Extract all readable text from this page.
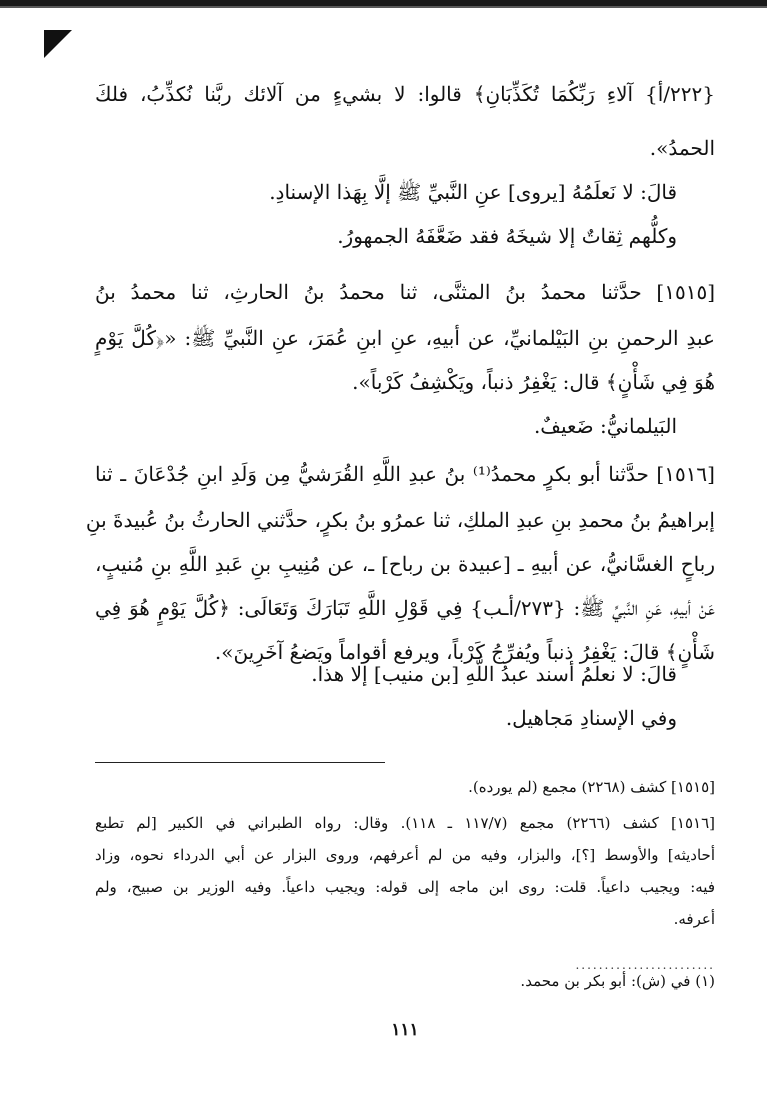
{٢٢٢/أ} آلاءِ رَبِّكُمَا تُكَذِّبَانِ﴾ قالوا: لا بشيءٍ من آلائك ربَّنا نُكذِّبُ، فلكَ
الحمدُ».
قالَ: لا نَعلَمُهُ [يروى] عنِ النَّبيِّ ﷺ إلَّا بِهَذا الإسنادِ.
وكلُّهم ثِقاتٌ إلا شيخَهُ فقد ضَعَّفَهُ الجمهورُ.
[١٥١٥] حدَّثنا محمدُ بنُ المثنَّى، ثنا محمدُ بنُ الحارثِ، ثنا محمدُ بنُ
عبدِ الرحمنِ بنِ البَيْلمانيِّ، عن أبيهِ، عنِ ابنِ عُمَرَ، عنِ النَّبيِّ ﷺ: «﴿كُلَّ يَوْمٍ
هُوَ فِي شَأْنٍ﴾ قال: يَغْفِرُ ذنباً، ويَكْشِفُ كَرْباً».
البَيلمانيُّ: ضَعيفٌ.
[١٥١٦] حدَّثنا أبو بكرٍ محمدُ⁽¹⁾ بنُ عبدِ اللَّهِ القُرَشيُّ مِن وَلَدِ ابنِ جُدْعَانَ ـ ثنا
إبراهيمُ بنُ محمدِ بنِ عبدِ الملكِ، ثنا عمرُو بنُ بكرٍ، حدَّثني الحارثُ بنُ عُبيدةَ بنِ
رباحٍ الغسَّانيُّ، عن أبيهِ ـ [عبيدة بن رباح] ـ، عن مُنِيبِ بنِ عَبدِ اللَّهِ بنِ مُنيبٍ،
عَنْ أبيهِ، عَنِ النَّبيِّ ﷺ: {٢٧٣/أـب} فِي قَوْلِ اللَّهِ تَبَارَكَ وَتَعَالَى: ﴿كُلَّ يَوْمٍ هُوَ فِي
شَأْنٍ﴾ قالَ: يَغْفِرُ ذنباً ويُفرِّجُ كَرْباً، ويرفع أقواماً ويَضعُ آخَرِينَ».
قالَ: لا نعلمُ أسند عبدُ اللَّهِ [بن منيب] إلا هذا.
وفي الإسنادِ مَجاهيل.
[١٥١٥] كشف (٢٢٦٨) مجمع (لم يورده).
[١٥١٦] كشف (٢٢٦٦) مجمع (١١٧/٧ ـ ١١٨). وقال: رواه الطبراني في الكبير [لم تطبع
أحاديثه] والأوسط [؟]، والبزار، وفيه من لم أعرفهم، وروى البزار عن أبي الدرداء نحوه، وزاد
فيه: ويجيب داعياً. قلت: روى ابن ماجه إلى قوله: ويجيب داعياً. وفيه الوزير بن صبيح، ولم
أعرفه.
........................
(١) في (ش): أبو بكر بن محمد.
١١١
